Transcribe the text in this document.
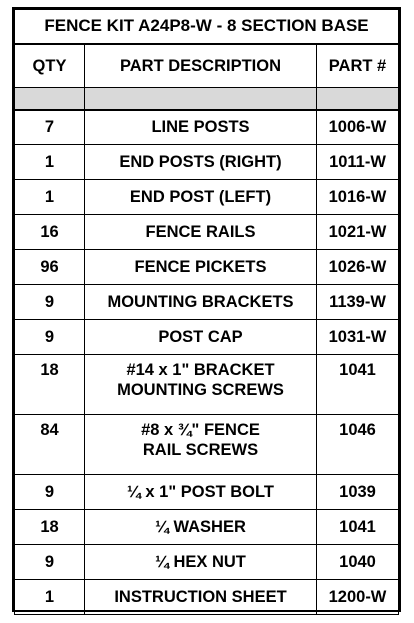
FENCE KIT A24P8-W - 8 SECTION BASE		
QTY	PART DESCRIPTION	PART #

7	LINE POSTS	1006-W
1	END POSTS (RIGHT)	1011-W
1	END POST (LEFT)	1016-W
16	FENCE RAILS	1021-W
96	FENCE PICKETS	1026-W
9	MOUNTING BRACKETS	1139-W
9	POST CAP	1031-W
18	#14 x 1" BRACKET MOUNTING SCREWS	1041
84	#8 x ¾" FENCE RAIL SCREWS	1046
9	¼ x 1" POST BOLT	1039
18	¼ WASHER	1041
9	¼ HEX NUT	1040
1	INSTRUCTION SHEET	1200-W
